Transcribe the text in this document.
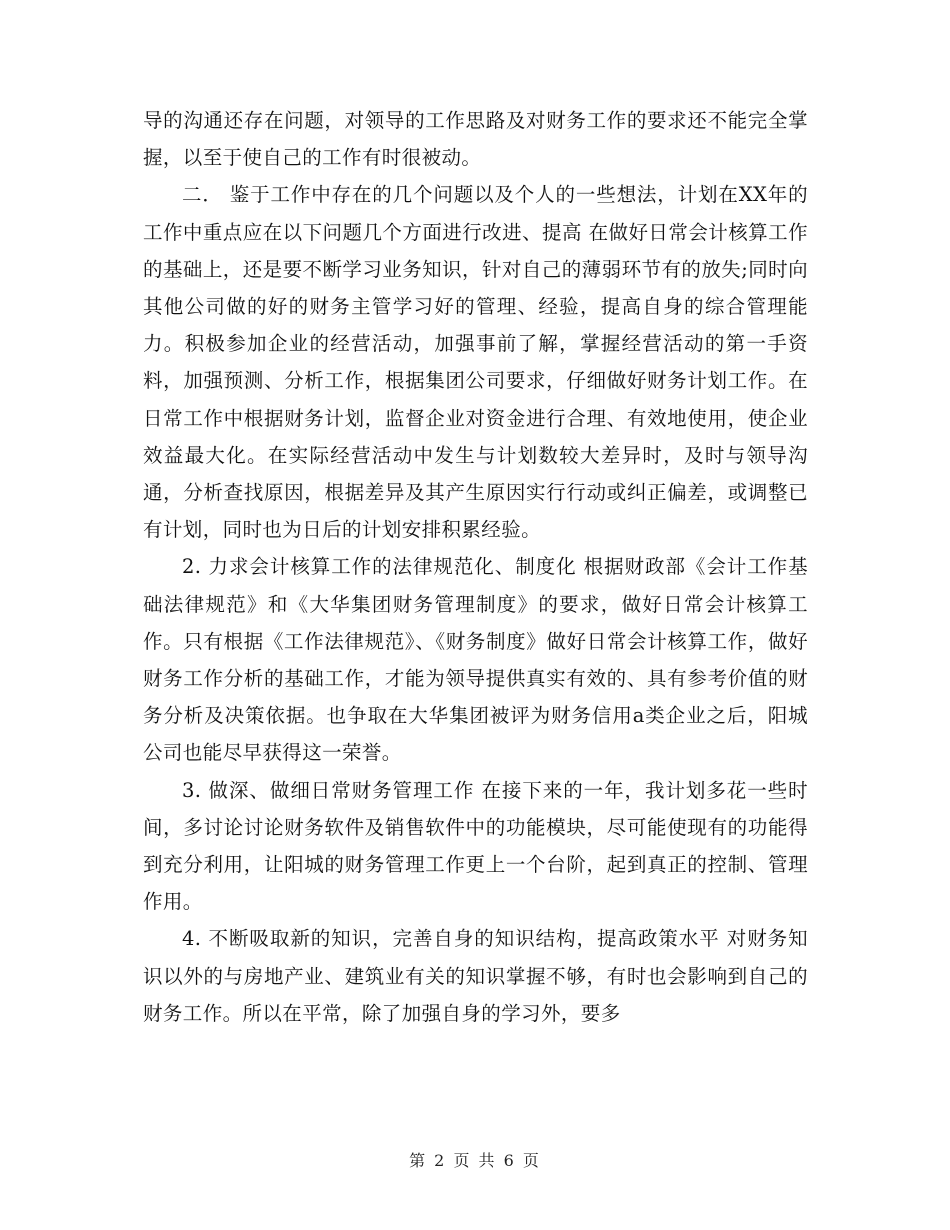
导的沟通还存在问题，对领导的工作思路及对财务工作的要求还不能完全掌握，以至于使自己的工作有时很被动。

二． 鉴于工作中存在的几个问题以及个人的一些想法，计划在XX年的工作中重点应在以下问题几个方面进行改进、提高 在做好日常会计核算工作的基础上，还是要不断学习业务知识，针对自己的薄弱环节有的放失;同时向其他公司做的好的财务主管学习好的管理、经验，提高自身的综合管理能力。积极参加企业的经营活动，加强事前了解，掌握经营活动的第一手资料，加强预测、分析工作，根据集团公司要求，仔细做好财务计划工作。在日常工作中根据财务计划，监督企业对资金进行合理、有效地使用，使企业效益最大化。在实际经营活动中发生与计划数较大差异时，及时与领导沟通，分析查找原因，根据差异及其产生原因实行行动或纠正偏差，或调整已有计划，同时也为日后的计划安排积累经验。

2. 力求会计核算工作的法律规范化、制度化 根据财政部《会计工作基础法律规范》和《大华集团财务管理制度》的要求，做好日常会计核算工作。只有根据《工作法律规范》、《财务制度》做好日常会计核算工作，做好财务工作分析的基础工作，才能为领导提供真实有效的、具有参考价值的财务分析及决策依据。也争取在大华集团被评为财务信用a类企业之后，阳城公司也能尽早获得这一荣誉。

3. 做深、做细日常财务管理工作 在接下来的一年，我计划多花一些时间，多讨论讨论财务软件及销售软件中的功能模块，尽可能使现有的功能得到充分利用，让阳城的财务管理工作更上一个台阶，起到真正的控制、管理作用。

4. 不断吸取新的知识，完善自身的知识结构，提高政策水平 对财务知识以外的与房地产业、建筑业有关的知识掌握不够，有时也会影响到自己的财务工作。所以在平常，除了加强自身的学习外，要多

第 2 页 共 6 页
